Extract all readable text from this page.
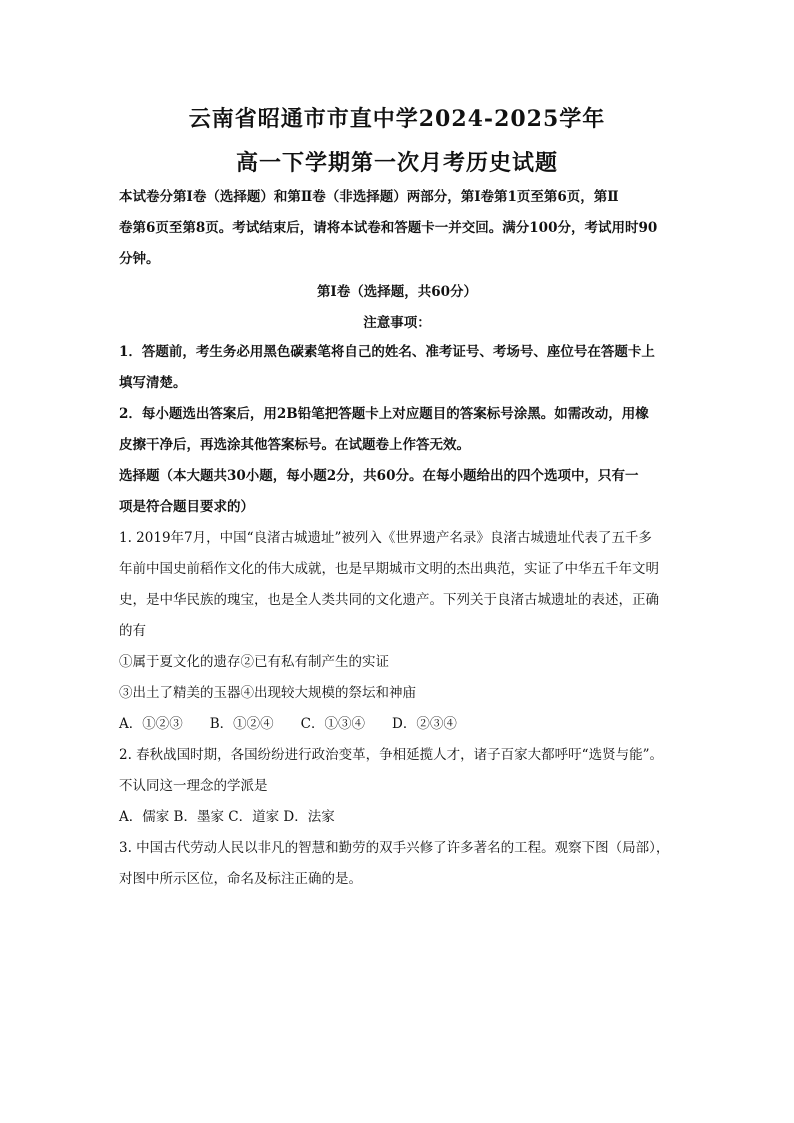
云南省昭通市市直中学2024-2025学年
高一下学期第一次月考历史试题
本试卷分第Ⅰ卷（选择题）和第Ⅱ卷（非选择题）两部分，第Ⅰ卷第1页至第6页，第Ⅱ
卷第6页至第8页。考试结束后，请将本试卷和答题卡一并交回。满分100分，考试用时90
分钟。
第Ⅰ卷（选择题，共60分）
注意事项：
1．答题前，考生务必用黑色碳素笔将自己的姓名、准考证号、考场号、座位号在答题卡上
填写清楚。
2．每小题选出答案后，用2B铅笔把答题卡上对应题目的答案标号涂黑。如需改动，用橡
皮擦干净后，再选涂其他答案标号。在试题卷上作答无效。
选择题（本大题共30小题，每小题2分，共60分。在每小题给出的四个选项中，只有一
项是符合题目要求的）
1. 2019年7月，中国“良渚古城遗址”被列入《世界遗产名录》良渚古城遗址代表了五千多
年前中国史前稻作文化的伟大成就，也是早期城市文明的杰出典范，实证了中华五千年文明
史，是中华民族的瑰宝，也是全人类共同的文化遗产。下列关于良渚古城遗址的表述，正确
的有
①属于夏文化的遗存②已有私有制产生的实证
③出土了精美的玉器④出现较大规模的祭坛和神庙
A．①②③　　B．①②④　　C．①③④　　D．②③④
2. 春秋战国时期，各国纷纷进行政治变革，争相延揽人才，诸子百家大都呼吁“选贤与能”。
不认同这一理念的学派是
A．儒家 B．墨家 C．道家 D．法家
3. 中国古代劳动人民以非凡的智慧和勤劳的双手兴修了许多著名的工程。观察下图（局部），
对图中所示区位，命名及标注正确的是。
